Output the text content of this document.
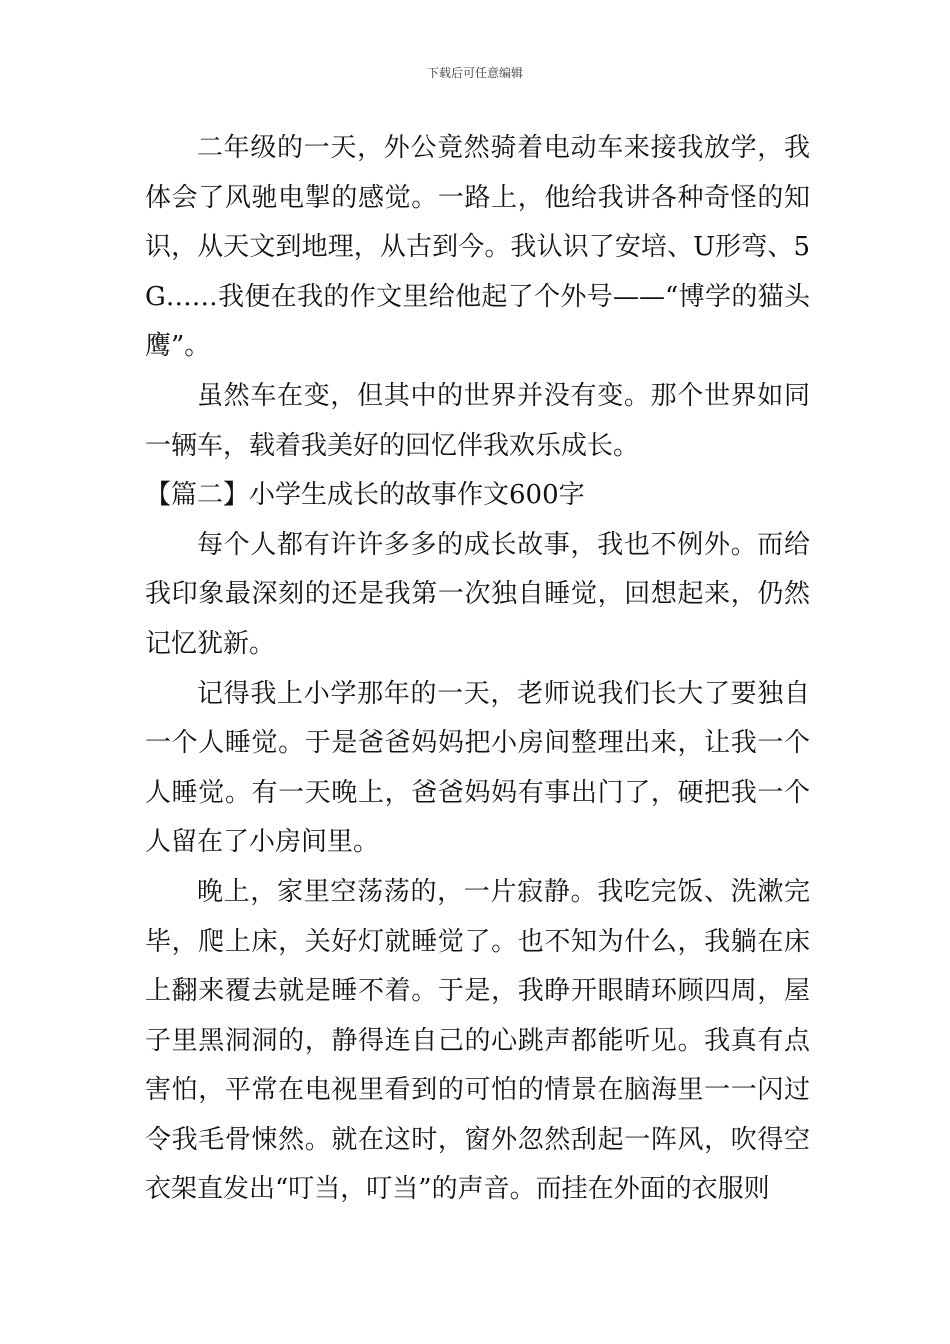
下载后可任意编辑

二年级的一天，外公竟然骑着电动车来接我放学，我体会了风驰电掣的感觉。一路上，他给我讲各种奇怪的知识，从天文到地理，从古到今。我认识了安培、U形弯、5G……我便在我的作文里给他起了个外号——“博学的猫头鹰”。

虽然车在变，但其中的世界并没有变。那个世界如同一辆车，载着我美好的回忆伴我欢乐成长。

【篇二】小学生成长的故事作文600字

每个人都有许许多多的成长故事，我也不例外。而给我印象最深刻的还是我第一次独自睡觉，回想起来，仍然记忆犹新。

记得我上小学那年的一天，老师说我们长大了要独自一个人睡觉。于是爸爸妈妈把小房间整理出来，让我一个人睡觉。有一天晚上，爸爸妈妈有事出门了，硬把我一个人留在了小房间里。

晚上，家里空荡荡的，一片寂静。我吃完饭、洗漱完毕，爬上床，关好灯就睡觉了。也不知为什么，我躺在床上翻来覆去就是睡不着。于是，我睁开眼睛环顾四周，屋子里黑洞洞的，静得连自己的心跳声都能听见。我真有点害怕，平常在电视里看到的可怕的情景在脑海里一一闪过令我毛骨悚然。就在这时，窗外忽然刮起一阵风，吹得空衣架直发出“叮当，叮当”的声音。而挂在外面的衣服则
